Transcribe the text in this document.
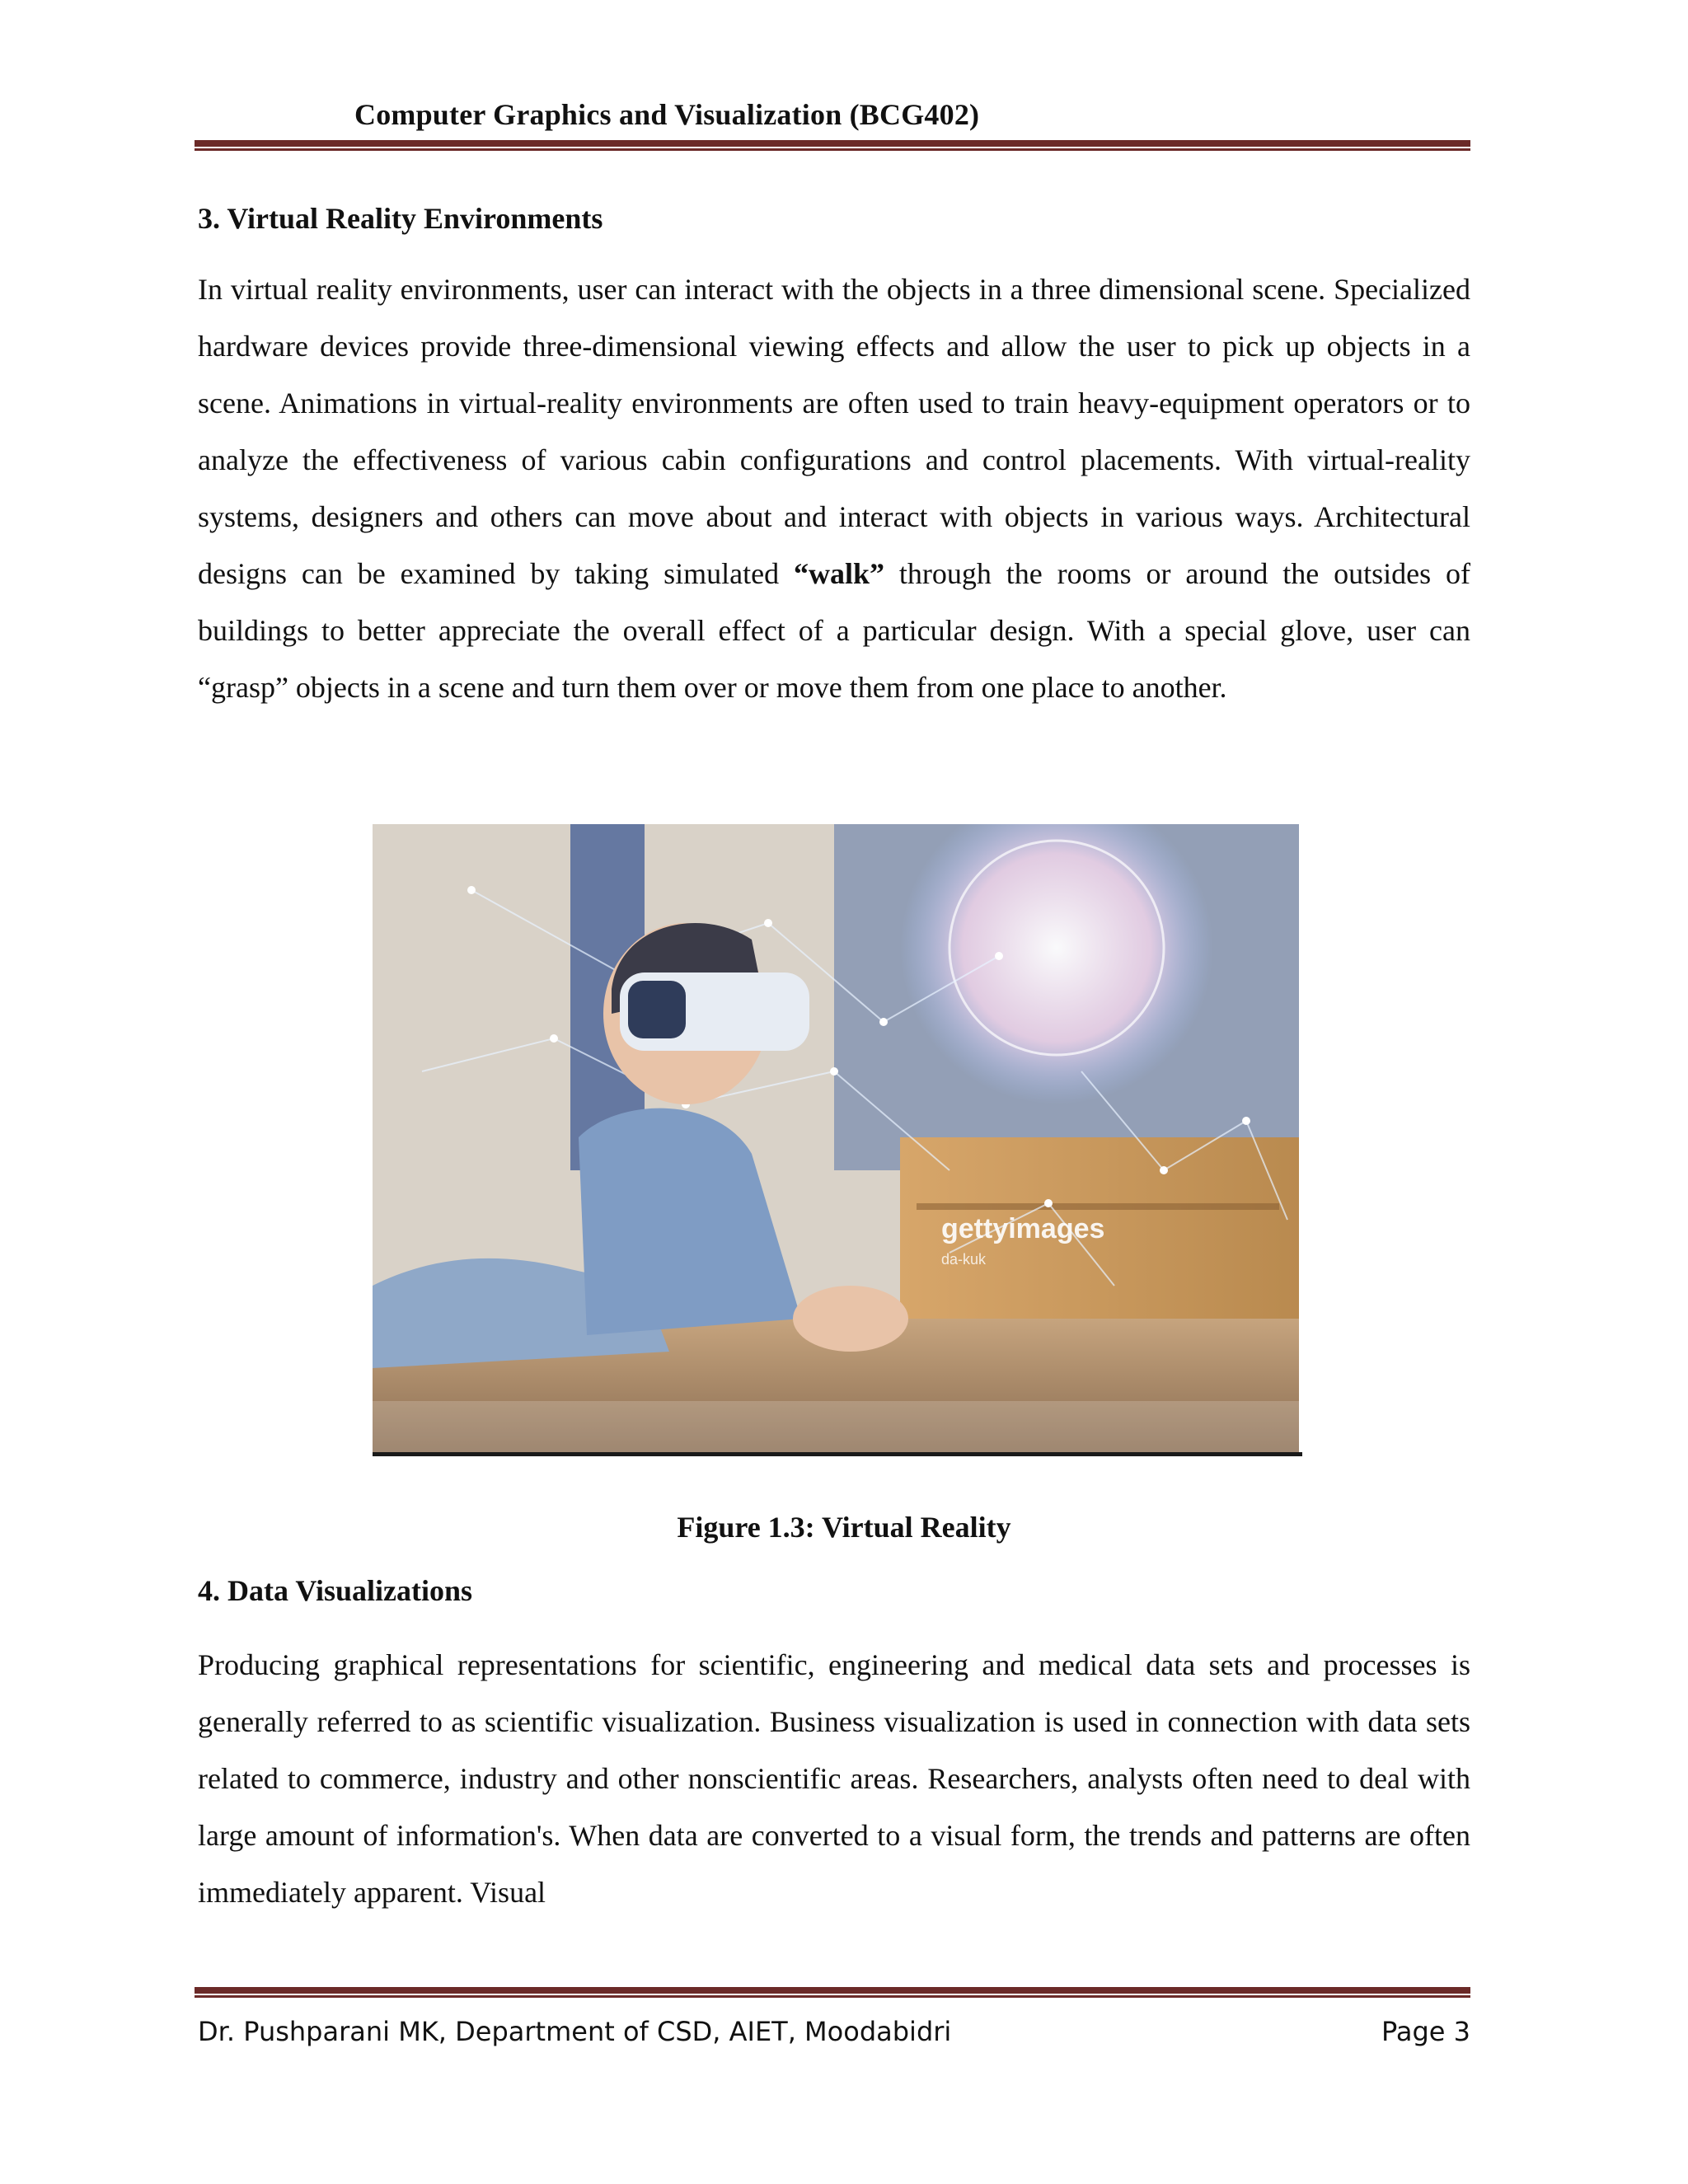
Computer Graphics and Visualization (BCG402)
3. Virtual Reality Environments
In virtual reality environments, user can interact with the objects in a three dimensional scene. Specialized hardware devices provide three-dimensional viewing effects and allow the user to pick up objects in a scene. Animations in virtual-reality environments are often used to train heavy-equipment operators or to analyze the effectiveness of various cabin configurations and control placements. With virtual-reality systems, designers and others can move about and interact with objects in various ways. Architectural designs can be examined by taking simulated “walk” through the rooms or around the outsides of buildings to better appreciate the overall effect of a particular design. With a special glove, user can “grasp” objects in a scene and turn them over or move them from one place to another.
gettyimages
da-kuk
Figure 1.3: Virtual Reality
4. Data Visualizations
Producing graphical representations for scientific, engineering and medical data sets and processes is generally referred to as scientific visualization. Business visualization is used in connection with data sets related to commerce, industry and other nonscientific areas. Researchers, analysts often need to deal with large amount of information's. When data are converted to a visual form, the trends and patterns are often immediately apparent. Visual
Dr. Pushparani MK, Department of CSD, AIET, Moodabidri	Page 3
